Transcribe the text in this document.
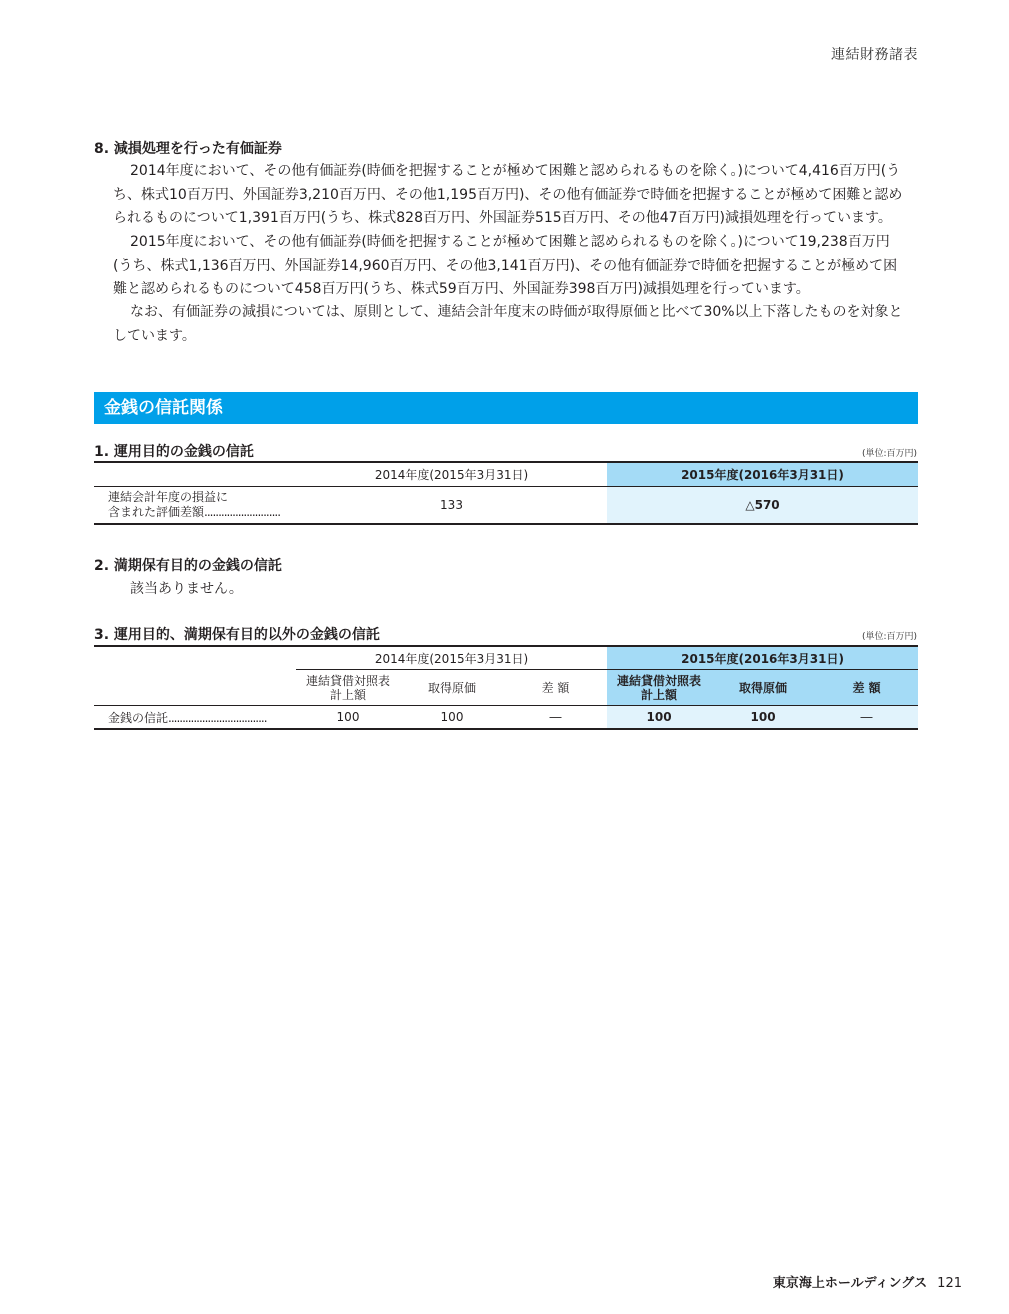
連結財務諸表
8. 減損処理を行った有価証券

2014年度において、その他有価証券(時価を把握することが極めて困難と認められるものを除く。)について4,416百万円(う
ち、株式10百万円、外国証券3,210百万円、その他1,195百万円)、その他有価証券で時価を把握することが極めて困難と認め
られるものについて1,391百万円(うち、株式828百万円、外国証券515百万円、その他47百万円)減損処理を行っています。

2015年度において、その他有価証券(時価を把握することが極めて困難と認められるものを除く。)について19,238百万円
(うち、株式1,136百万円、外国証券14,960百万円、その他3,141百万円)、その他有価証券で時価を把握することが極めて困
難と認められるものについて458百万円(うち、株式59百万円、外国証券398百万円)減損処理を行っています。

なお、有価証券の減損については、原則として、連結会計年度末の時価が取得原価と比べて30%以上下落したものを対象と
しています。

金銭の信託関係
1. 運用目的の金銭の信託	(単位:百万円)
	2014年度(2015年3月31日)	2015年度(2016年3月31日)
連結会計年度の損益に
含まれた評価差額...........................	133	△570
2. 満期保有目的の金銭の信託
該当ありません。
3. 運用目的、満期保有目的以外の金銭の信託	(単位:百万円)
	2014年度(2015年3月31日)			2015年度(2016年3月31日)		
	連結貸借対照表
計上額	取得原価	差 額	連結貸借対照表
計上額	取得原価	差 額
金銭の信託...................................	100	100	―	100	100	―
東京海上ホールディングス 121
